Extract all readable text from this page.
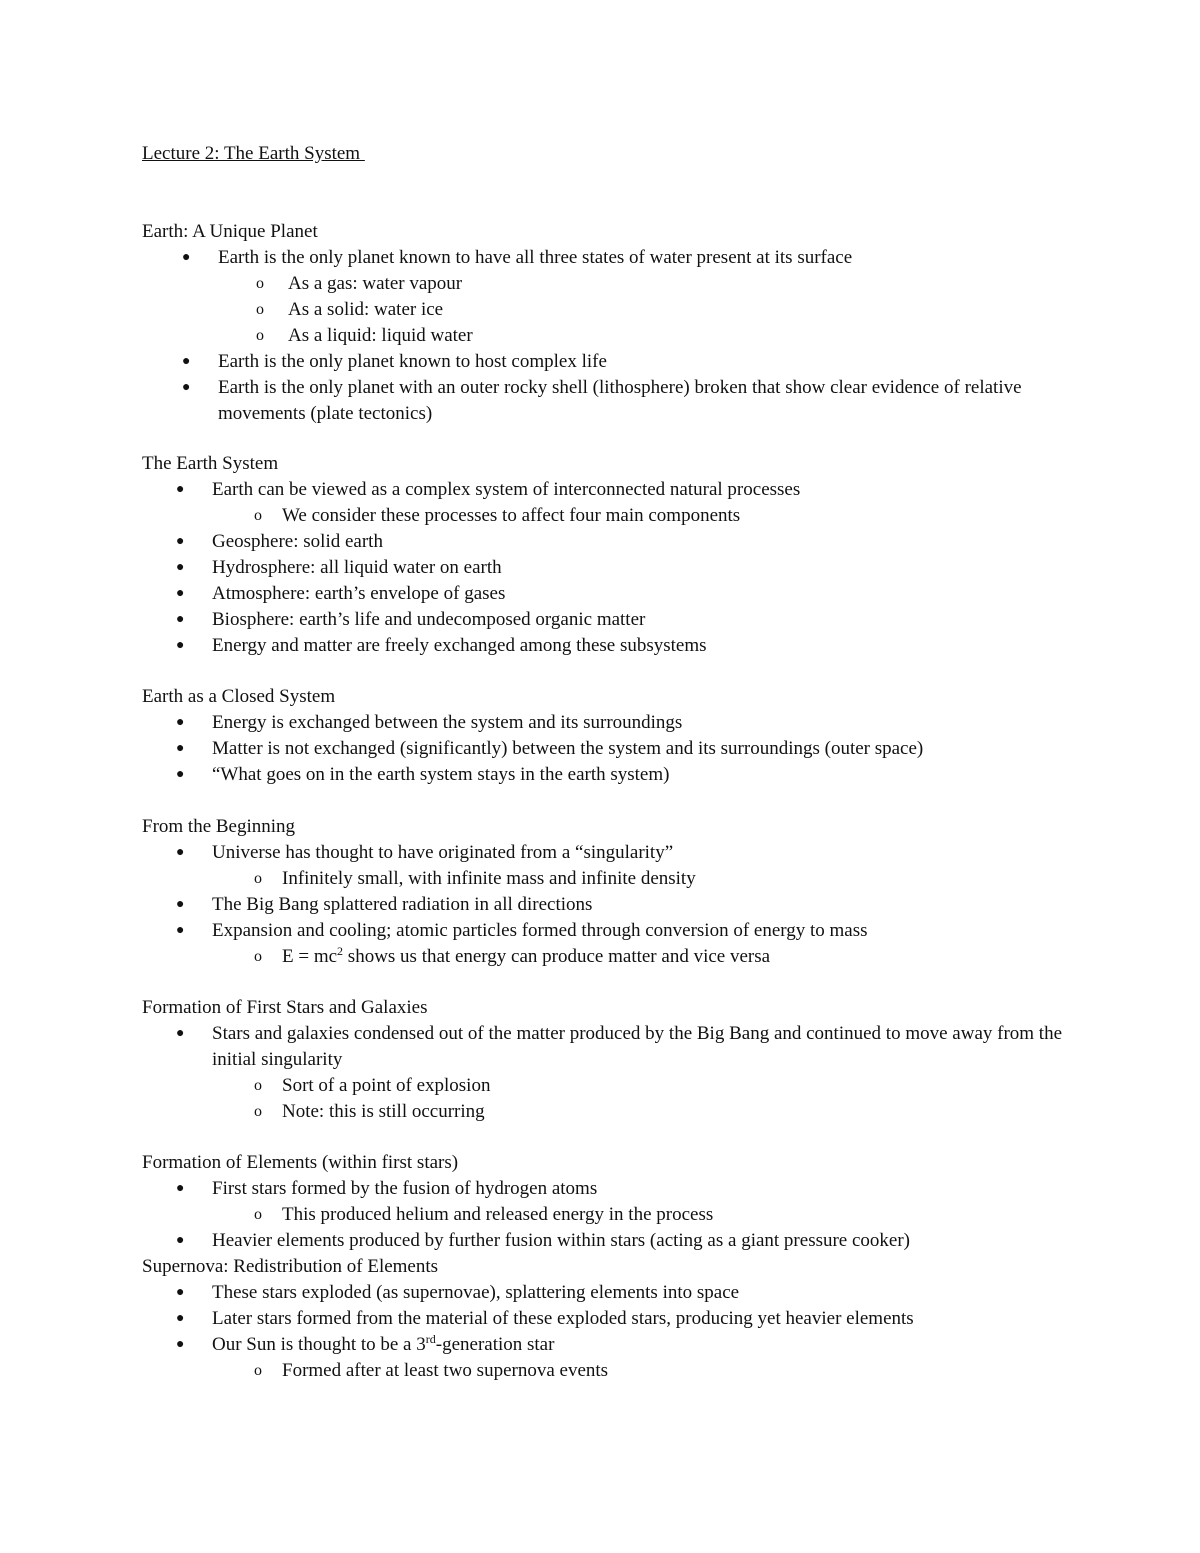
Lecture 2: The Earth System

Earth: A Unique Planet

● Earth is the only planet known to have all three states of water present at its surface
o As a gas: water vapour
o As a solid: water ice
o As a liquid: liquid water
● Earth is the only planet known to host complex life
● Earth is the only planet with an outer rocky shell (lithosphere) broken that show clear evidence of relative movements (plate tectonics)

The Earth System

● Earth can be viewed as a complex system of interconnected natural processes
o We consider these processes to affect four main components
● Geosphere: solid earth
● Hydrosphere: all liquid water on earth
● Atmosphere: earth’s envelope of gases
● Biosphere: earth’s life and undecomposed organic matter
● Energy and matter are freely exchanged among these subsystems

Earth as a Closed System

● Energy is exchanged between the system and its surroundings
● Matter is not exchanged (significantly) between the system and its surroundings (outer space)
● “What goes on in the earth system stays in the earth system)

From the Beginning

● Universe has thought to have originated from a “singularity”
o Infinitely small, with infinite mass and infinite density
● The Big Bang splattered radiation in all directions
● Expansion and cooling; atomic particles formed through conversion of energy to mass
o $E = mc^2$ shows us that energy can produce matter and vice versa

Formation of First Stars and Galaxies

● Stars and galaxies condensed out of the matter produced by the Big Bang and continued to move away from the initial singularity
o Sort of a point of explosion
o Note: this is still occurring

Formation of Elements (within first stars)

● First stars formed by the fusion of hydrogen atoms
o This produced helium and released energy in the process
● Heavier elements produced by further fusion within stars (acting as a giant pressure cooker)

Supernova: Redistribution of Elements

● These stars exploded (as supernovae), splattering elements into space
● Later stars formed from the material of these exploded stars, producing yet heavier elements
● Our Sun is thought to be a 3rd-generation star
o Formed after at least two supernova events
